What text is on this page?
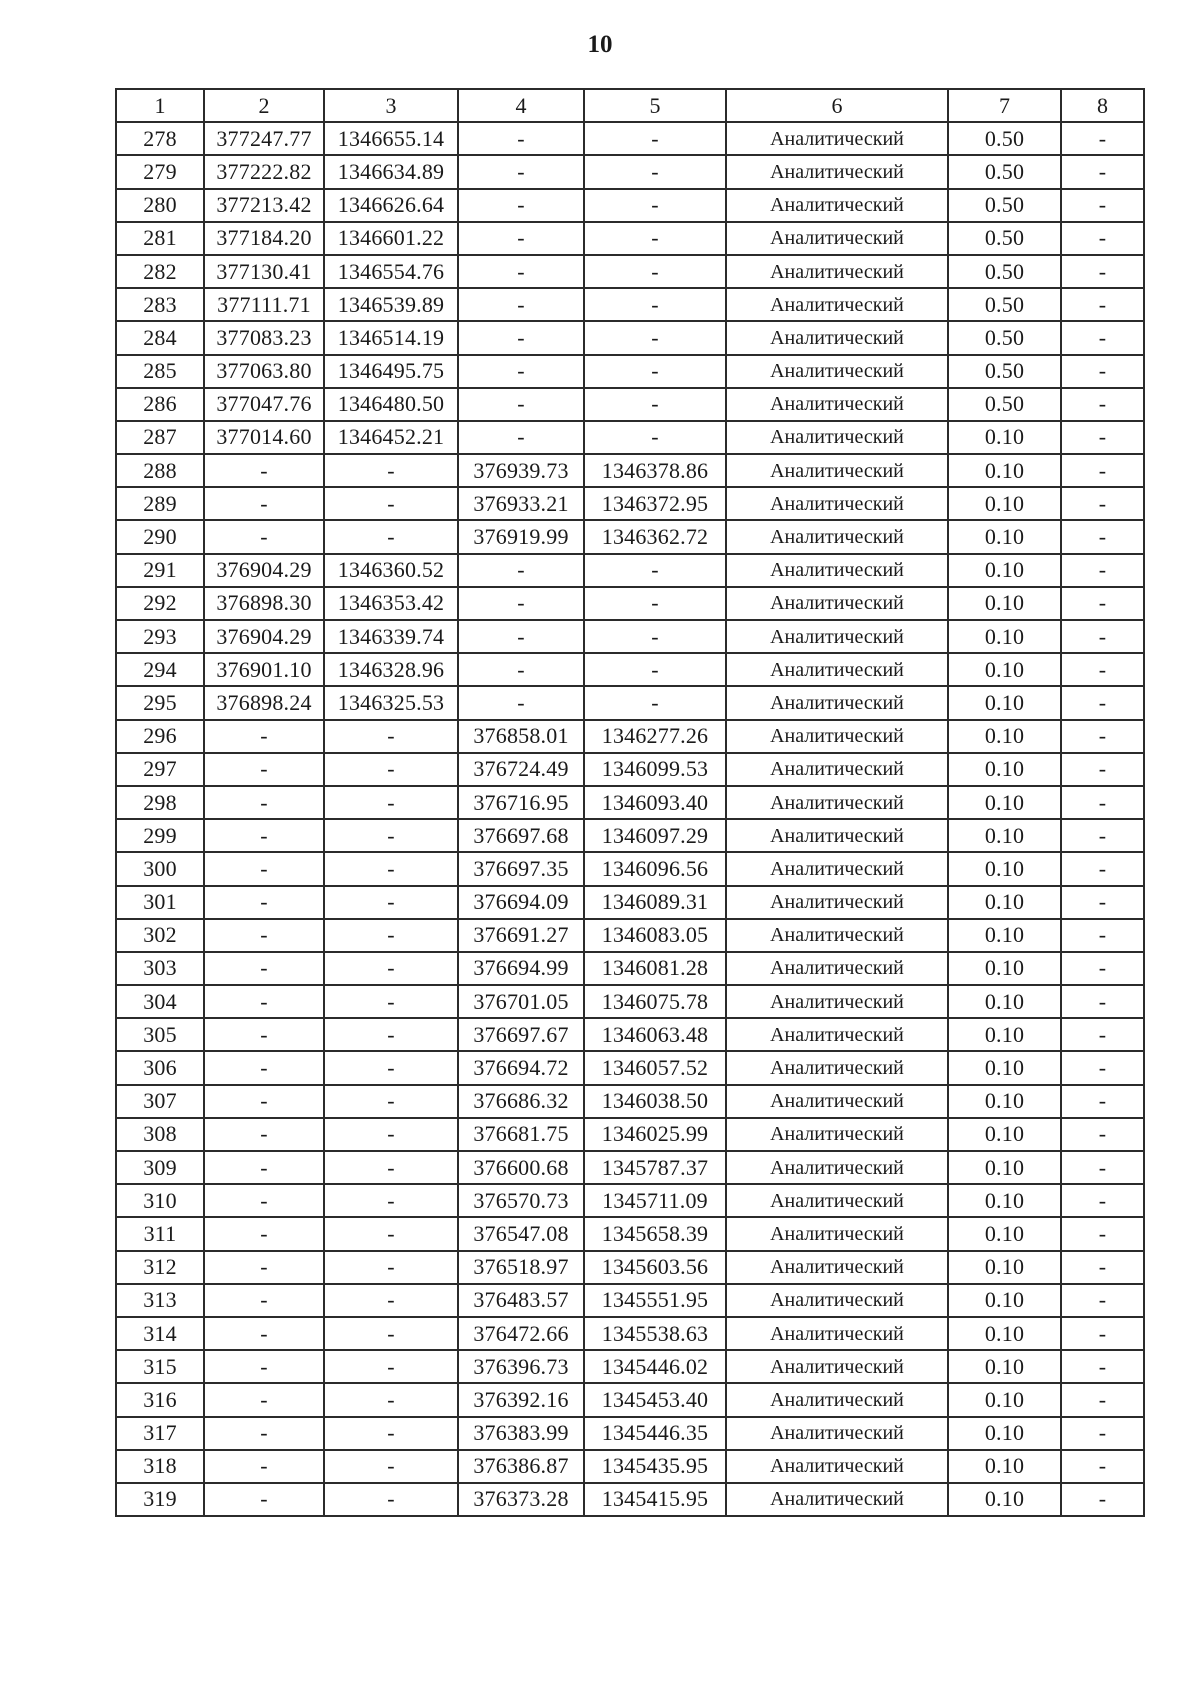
10
1	2	3	4	5	6	7	8
278	377247.77	1346655.14	-	-	Аналитический	0.50	-
279	377222.82	1346634.89	-	-	Аналитический	0.50	-
280	377213.42	1346626.64	-	-	Аналитический	0.50	-
281	377184.20	1346601.22	-	-	Аналитический	0.50	-
282	377130.41	1346554.76	-	-	Аналитический	0.50	-
283	377111.71	1346539.89	-	-	Аналитический	0.50	-
284	377083.23	1346514.19	-	-	Аналитический	0.50	-
285	377063.80	1346495.75	-	-	Аналитический	0.50	-
286	377047.76	1346480.50	-	-	Аналитический	0.50	-
287	377014.60	1346452.21	-	-	Аналитический	0.10	-
288	-	-	376939.73	1346378.86	Аналитический	0.10	-
289	-	-	376933.21	1346372.95	Аналитический	0.10	-
290	-	-	376919.99	1346362.72	Аналитический	0.10	-
291	376904.29	1346360.52	-	-	Аналитический	0.10	-
292	376898.30	1346353.42	-	-	Аналитический	0.10	-
293	376904.29	1346339.74	-	-	Аналитический	0.10	-
294	376901.10	1346328.96	-	-	Аналитический	0.10	-
295	376898.24	1346325.53	-	-	Аналитический	0.10	-
296	-	-	376858.01	1346277.26	Аналитический	0.10	-
297	-	-	376724.49	1346099.53	Аналитический	0.10	-
298	-	-	376716.95	1346093.40	Аналитический	0.10	-
299	-	-	376697.68	1346097.29	Аналитический	0.10	-
300	-	-	376697.35	1346096.56	Аналитический	0.10	-
301	-	-	376694.09	1346089.31	Аналитический	0.10	-
302	-	-	376691.27	1346083.05	Аналитический	0.10	-
303	-	-	376694.99	1346081.28	Аналитический	0.10	-
304	-	-	376701.05	1346075.78	Аналитический	0.10	-
305	-	-	376697.67	1346063.48	Аналитический	0.10	-
306	-	-	376694.72	1346057.52	Аналитический	0.10	-
307	-	-	376686.32	1346038.50	Аналитический	0.10	-
308	-	-	376681.75	1346025.99	Аналитический	0.10	-
309	-	-	376600.68	1345787.37	Аналитический	0.10	-
310	-	-	376570.73	1345711.09	Аналитический	0.10	-
311	-	-	376547.08	1345658.39	Аналитический	0.10	-
312	-	-	376518.97	1345603.56	Аналитический	0.10	-
313	-	-	376483.57	1345551.95	Аналитический	0.10	-
314	-	-	376472.66	1345538.63	Аналитический	0.10	-
315	-	-	376396.73	1345446.02	Аналитический	0.10	-
316	-	-	376392.16	1345453.40	Аналитический	0.10	-
317	-	-	376383.99	1345446.35	Аналитический	0.10	-
318	-	-	376386.87	1345435.95	Аналитический	0.10	-
319	-	-	376373.28	1345415.95	Аналитический	0.10	-
